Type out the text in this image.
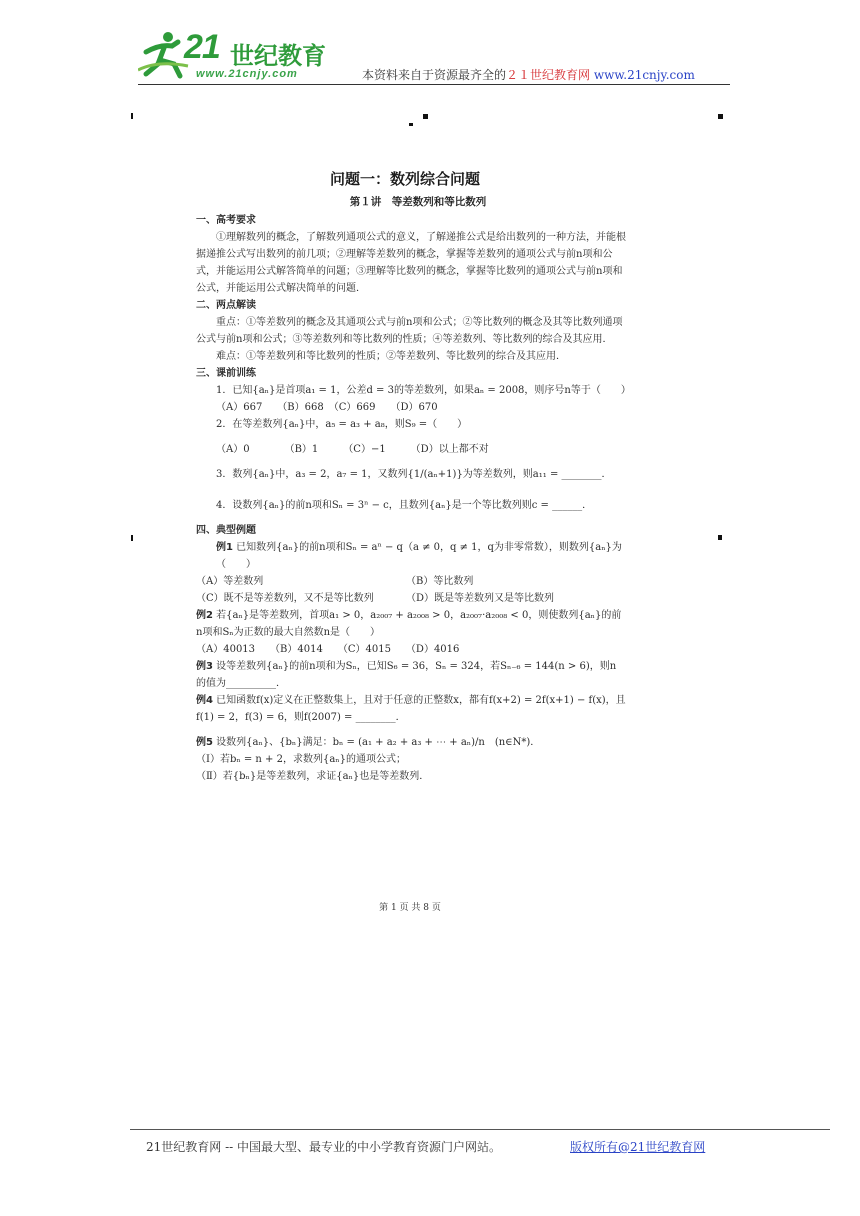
21 世纪教育
www.21cnjy.com	本资料来自于资源最齐全的２１世纪教育网 www.21cnjy.com
问题一：数列综合问题
第１讲　等差数列和等比数列
一、高考要求
①理解数列的概念，了解数列通项公式的意义，了解递推公式是给出数列的一种方法，并能根据递推公式写出数列的前几项；②理解等差数列的概念，掌握等差数列的通项公式与前n项和公式，并能运用公式解答简单的问题；③理解等比数列的概念，掌握等比数列的通项公式与前n项和公式，并能运用公式解决简单的问题．
二、两点解读
重点：①等差数列的概念及其通项公式与前n项和公式；②等比数列的概念及其等比数列通项公式与前n项和公式；③等差数列和等比数列的性质；④等差数列、等比数列的综合及其应用．
难点：①等差数列和等比数列的性质；②等差数列、等比数列的综合及其应用．
三、课前训练
1．已知{aₙ}是首项a₁ = 1，公差d = 3的等差数列，如果aₙ = 2008，则序号n等于（　　）
（A）667　　（B）668　（C）669　　（D）670
2．在等差数列{aₙ}中，a₅ = a₃ + a₈，则S₉ =（　　）
（A）0　　　　（B）1　　　（C）−1　　　（D）以上都不对
3．数列{aₙ}中，a₃ = 2，a₇ = 1，又数列{1/(aₙ+1)}为等差数列，则a₁₁ = ________．
4．设数列{aₙ}的前n项和Sₙ = 3ⁿ − c，且数列{aₙ}是一个等比数列则c = ______．
四、典型例题
例1 已知数列{aₙ}的前n项和Sₙ = aⁿ − q（a ≠ 0，q ≠ 1，q为非零常数），则数列{aₙ}为（　　）
（A）等差数列	（B）等比数列
（C）既不是等差数列，又不是等比数列	（D）既是等差数列又是等比数列
例2 若{aₙ}是等差数列，首项a₁ > 0，a₂₀₀₇ + a₂₀₀₈ > 0，a₂₀₀₇·a₂₀₀₈ < 0，则使数列{aₙ}的前n项和Sₙ为正数的最大自然数n是（　　）
（A）40013　　（B）4014　　（C）4015　　（D）4016
例3 设等差数列{aₙ}的前n项和为Sₙ，已知S₆ = 36，Sₙ = 324，若Sₙ₋₆ = 144(n > 6)，则n的值为__________．
例4 已知函数f(x)定义在正整数集上，且对于任意的正整数x，都有f(x+2) = 2f(x+1) − f(x)，且f(1) = 2，f(3) = 6，则f(2007) = ________．
例5 设数列{aₙ}、{bₙ}满足：bₙ = (a₁ + a₂ + a₃ + ⋯ + aₙ)/n　(n∈N*)．
（Ⅰ）若bₙ = n + 2，求数列{aₙ}的通项公式；
（Ⅱ）若{bₙ}是等差数列，求证{aₙ}也是等差数列．
第 1 页 共 8 页
21世纪教育网 -- 中国最大型、最专业的中小学教育资源门户网站。	版权所有@21世纪教育网
